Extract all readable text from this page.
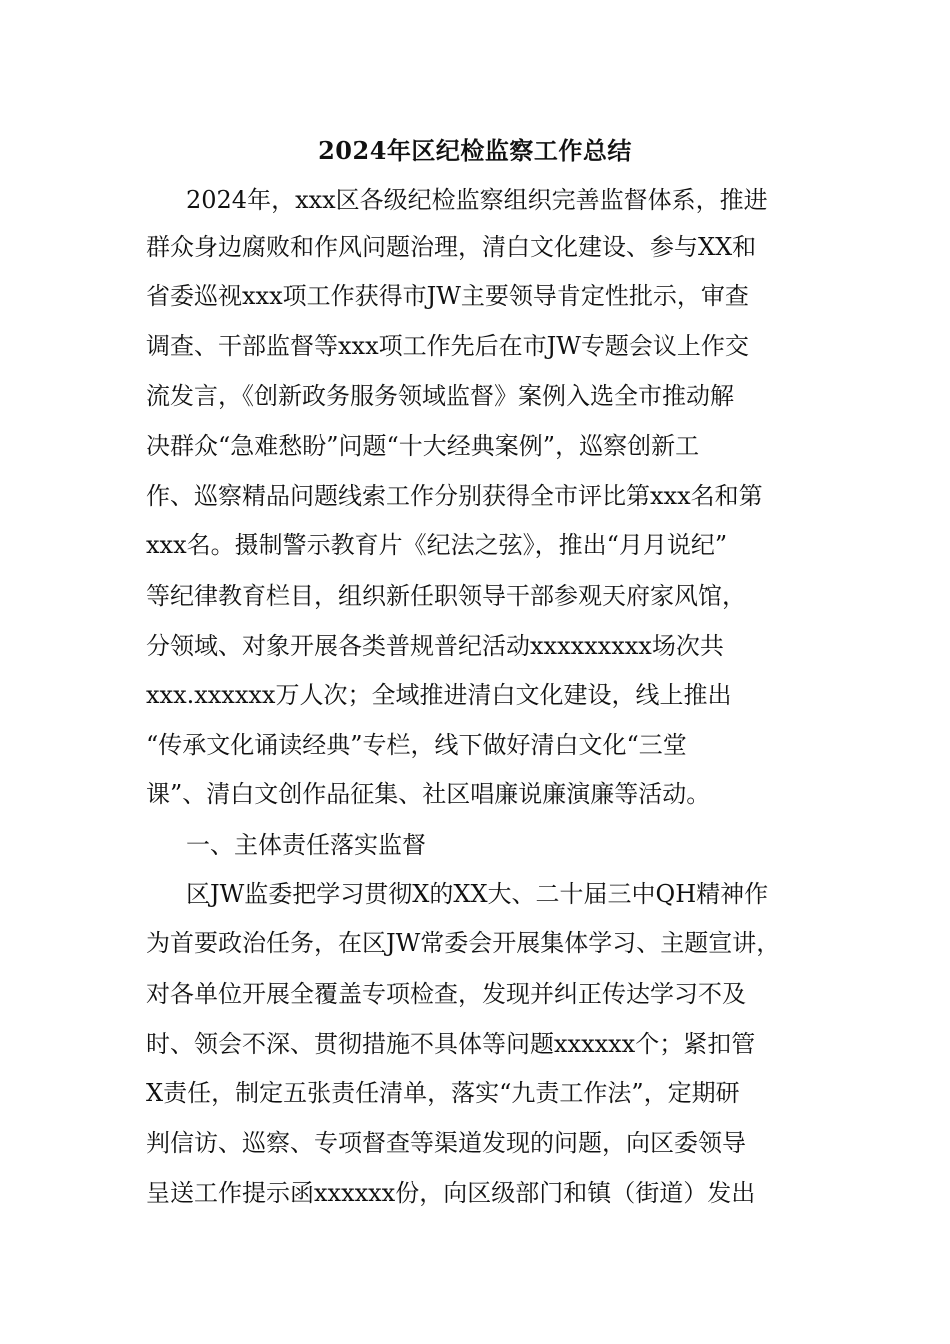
2024年区纪检监察工作总结
2024年，xxx区各级纪检监察组织完善监督体系，推进
群众身边腐败和作风问题治理，清白文化建设、参与XX和
省委巡视xxx项工作获得市JW主要领导肯定性批示，审查
调查、干部监督等xxx项工作先后在市JW专题会议上作交
流发言，《创新政务服务领域监督》案例入选全市推动解
决群众“急难愁盼”问题“十大经典案例”，巡察创新工
作、巡察精品问题线索工作分别获得全市评比第xxx名和第
xxx名。摄制警示教育片《纪法之弦》，推出“月月说纪”
等纪律教育栏目，组织新任职领导干部参观天府家风馆，
分领域、对象开展各类普规普纪活动xxxxxxxxx场次共
xxx.xxxxxx万人次；全域推进清白文化建设，线上推出
“传承文化诵读经典”专栏，线下做好清白文化“三堂
课”、清白文创作品征集、社区唱廉说廉演廉等活动。
一、主体责任落实监督
区JW监委把学习贯彻X的XX大、二十届三中QH精神作
为首要政治任务，在区JW常委会开展集体学习、主题宣讲，
对各单位开展全覆盖专项检查，发现并纠正传达学习不及
时、领会不深、贯彻措施不具体等问题xxxxxx个；紧扣管
X责任，制定五张责任清单，落实“九责工作法”，定期研
判信访、巡察、专项督查等渠道发现的问题，向区委领导
呈送工作提示函xxxxxx份，向区级部门和镇（街道）发出
